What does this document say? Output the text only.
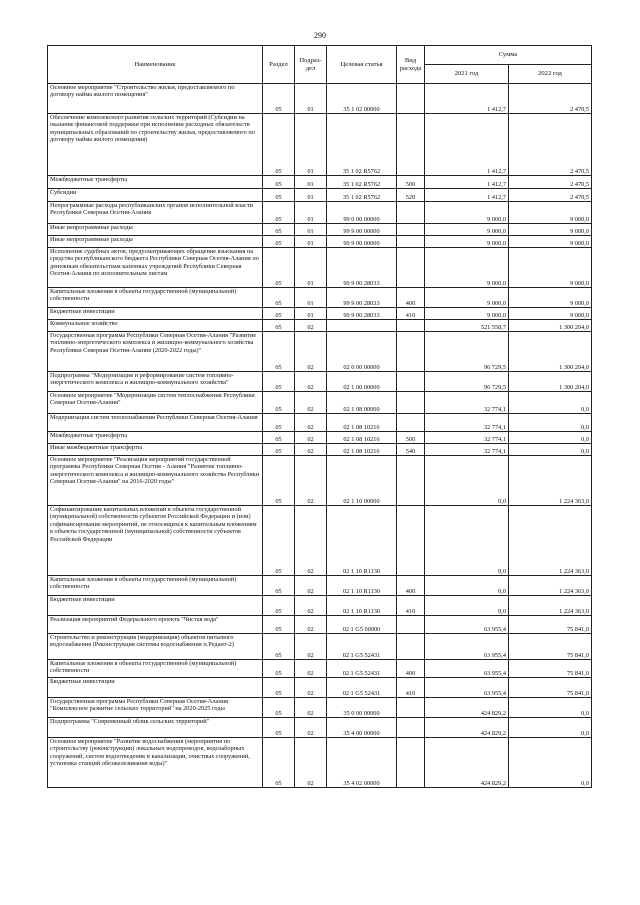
290
Наименование	Раздел	Подраз-дел	Целевая статья	Вид расхода	Сумма	
					2021 год	2022 год
Основное мероприятие "Строительство жилья, предоставляемого по договору найма жилого помещения"	05	01	35 1 02 00000		1 412,7	2 470,5
Обеспечение комплексного развития сельских территорий (Субсидии на оказание финансовой поддержки при исполнении расходных обязательств муниципальных образований по строительству жилья, предоставляемого по договору найма жилого помещения)	05	01	35 1 02 R5762		1 412,7	2 470,5
Межбюджетные трансферты	05	01	35 1 02 R5762	500	1 412,7	2 470,5
Субсидии	05	01	35 1 02 R5762	520	1 412,7	2 470,5
Непрограммные расходы республиканских органов исполнительной власти Республики Северная Осетия-Алания	05	01	99 0 00 00000		9 000,0	9 000,0
Иные непрограммные расходы	05	01	99 9 00 00000		9 000,0	9 000,0
Иные непрограммные расходы	05	01	99 9 00 00000		9 000,0	9 000,0
Исполнение судебных актов, предусматривающих обращение взыскания на средства республиканского бюджета Республики Северная Осетия-Алания по денежным обязательствам казенных учреждений Республики Северная Осетия-Алания по исполнительным листам	05	01	99 9 00 28033		9 000,0	9 000,0
Капитальные вложения в объекты государственной (муниципальной) собственности	05	01	99 9 00 28033	400	9 000,0	9 000,0
Бюджетные инвестиции	05	01	99 9 00 28033	410	9 000,0	9 000,0
Коммунальное хозяйство	05	02			521 558,7	1 300 204,0
Государственная программа Республики Северная Осетия-Алания "Развитие топливно-энергетического комплекса и жилищно-коммунального хозяйства Республики Северная Осетия-Алания (2020-2022 годы)"	05	02	02 0 00 00000		96 729,5	1 300 204,0
Подпрограмма "Модернизация и реформирование систем топливно-энергетического комплекса и жилищно-коммунального хозяйства"	05	02	02 1 00 00000		96 729,5	1 300 204,0
Основное мероприятие "Модернизация систем теплоснабжения Республики Северная Осетия-Алания"	05	02	02 1 08 00000		32 774,1	0,0
Модернизация систем теплоснабжения Республики Северная Осетия-Алания	05	02	02 1 08 10216		32 774,1	0,0
Межбюджетные трансферты	05	02	02 1 08 10216	500	32 774,1	0,0
Иные межбюджетные трансферты	05	02	02 1 08 10216	540	32 774,1	0,0
Основное мероприятие "Реализация мероприятий государственной программы Республики Северная Осетия - Алания "Развитие топливно-энергетического комплекса и жилищно-коммунального хозяйства Республики Северная Осетия-Алания" на 2016-2020 годы"	05	02	02 1 10 00000		0,0	1 224 363,0
Софинансирование капитальных вложений в объекты государственной (муниципальной) собственности субъектов Российской Федерации и (или) софинансирование мероприятий, не относящихся к капитальным вложениям в объекты государственной (муниципальной) собственности субъектов Российской Федерации	05	02	02 1 10 R1130		0,0	1 224 363,0
Капитальные вложения в объекты государственной (муниципальной) собственности	05	02	02 1 10 R1130	400	0,0	1 224 363,0
Бюджетные инвестиции	05	02	02 1 10 R1130	410	0,0	1 224 363,0
Реализация мероприятий Федерального проекта "Чистая вода"	05	02	02 1 G5 00000		63 955,4	75 841,0
Строительство и реконструкция (модернизация) объектов питьевого водоснабжения (Реконструкция системы водоснабжения п.Редант-2)	05	02	02 1 G5 52431		63 955,4	75 841,0
Капитальные вложения в объекты государственной (муниципальной) собственности	05	02	02 1 G5 52431	400	63 955,4	75 841,0
Бюджетные инвестиции	05	02	02 1 G5 52431	410	63 955,4	75 841,0
Государственная программа Республики Северная Осетия-Алания "Комплексное развитие сельских территорий" на 2020-2025 годы	05	02	35 0 00 00000		424 829,2	0,0
Подпрограмма "Современный облик сельских территорий"	05	02	35 4 00 00000		424 829,2	0,0
Основное мероприятие "Развитие водоснабжения (мероприятия по строительству (реконструкции) локальных водопроводов, водозаборных сооружений, систем водоотведения и канализации, очистных сооружений, установка станций обезжелезивания воды)"	05	02	35 4 02 00000		424 829,2	0,0
